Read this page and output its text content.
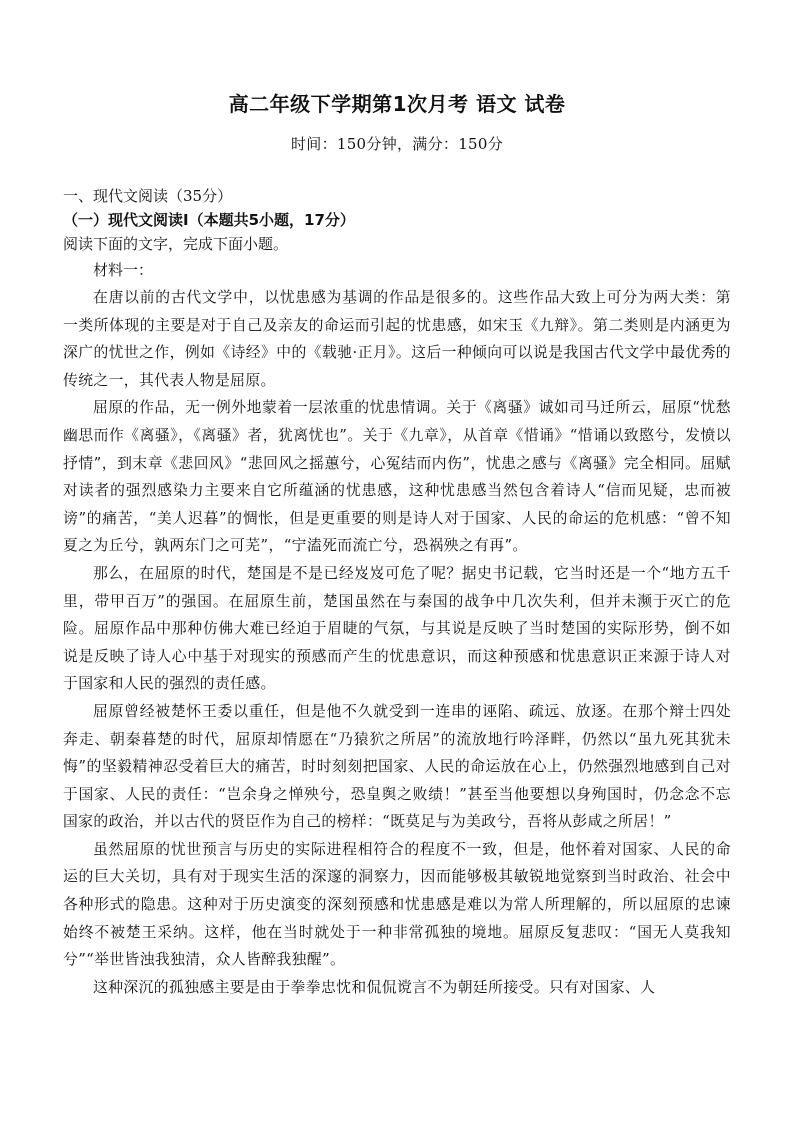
高二年级下学期第1次月考 语文 试卷
时间：150分钟，满分：150分

一、现代文阅读（35分）

（一）现代文阅读Ⅰ（本题共5小题，17分）

阅读下面的文字，完成下面小题。

材料一：

在唐以前的古代文学中，以忧患感为基调的作品是很多的。这些作品大致上可分为两大类：第一类所体现的主要是对于自己及亲友的命运而引起的忧患感，如宋玉《九辩》。第二类则是内涵更为深广的忧世之作，例如《诗经》中的《载驰·正月》。这后一种倾向可以说是我国古代文学中最优秀的传统之一，其代表人物是屈原。

屈原的作品，无一例外地蒙着一层浓重的忧患情调。关于《离骚》诚如司马迁所云，屈原“忧愁幽思而作《离骚》，《离骚》者，犹离忧也”。关于《九章》，从首章《惜诵》“惜诵以致愍兮，发愤以抒情”，到末章《悲回风》“悲回风之摇蕙兮，心冤结而内伤”，忧患之感与《离骚》完全相同。屈赋对读者的强烈感染力主要来自它所蕴涵的忧患感，这种忧患感当然包含着诗人“信而见疑，忠而被谤”的痛苦，“美人迟暮”的惆怅，但是更重要的则是诗人对于国家、人民的命运的危机感：“曾不知夏之为丘兮，孰两东门之可芜”，“宁溘死而流亡兮，恐祸殃之有再”。

那么，在屈原的时代，楚国是不是已经岌岌可危了呢？据史书记载，它当时还是一个“地方五千里，带甲百万”的强国。在屈原生前，楚国虽然在与秦国的战争中几次失利，但并未濒于灭亡的危险。屈原作品中那种仿佛大难已经迫于眉睫的气氛，与其说是反映了当时楚国的实际形势，倒不如说是反映了诗人心中基于对现实的预感而产生的忧患意识，而这种预感和忧患意识正来源于诗人对于国家和人民的强烈的责任感。

屈原曾经被楚怀王委以重任，但是他不久就受到一连串的诬陷、疏远、放逐。在那个辩士四处奔走、朝秦暮楚的时代，屈原却情愿在“乃猿狖之所居”的流放地行吟泽畔，仍然以“虽九死其犹未悔”的坚毅精神忍受着巨大的痛苦，时时刻刻把国家、人民的命运放在心上，仍然强烈地感到自己对于国家、人民的责任：“岂余身之惮殃兮，恐皇舆之败绩！”甚至当他要想以身殉国时，仍念念不忘国家的政治，并以古代的贤臣作为自己的榜样：“既莫足与为美政兮，吾将从彭咸之所居！”

虽然屈原的忧世预言与历史的实际进程相符合的程度不一致，但是，他怀着对国家、人民的命运的巨大关切，具有对于现实生活的深邃的洞察力，因而能够极其敏锐地觉察到当时政治、社会中各种形式的隐患。这种对于历史演变的深刻预感和忧患感是难以为常人所理解的，所以屈原的忠谏始终不被楚王采纳。这样，他在当时就处于一种非常孤独的境地。屈原反复悲叹：“国无人莫我知兮”“举世皆浊我独清，众人皆醉我独醒”。

这种深沉的孤独感主要是由于拳拳忠忱和侃侃谠言不为朝廷所接受。只有对国家、人
